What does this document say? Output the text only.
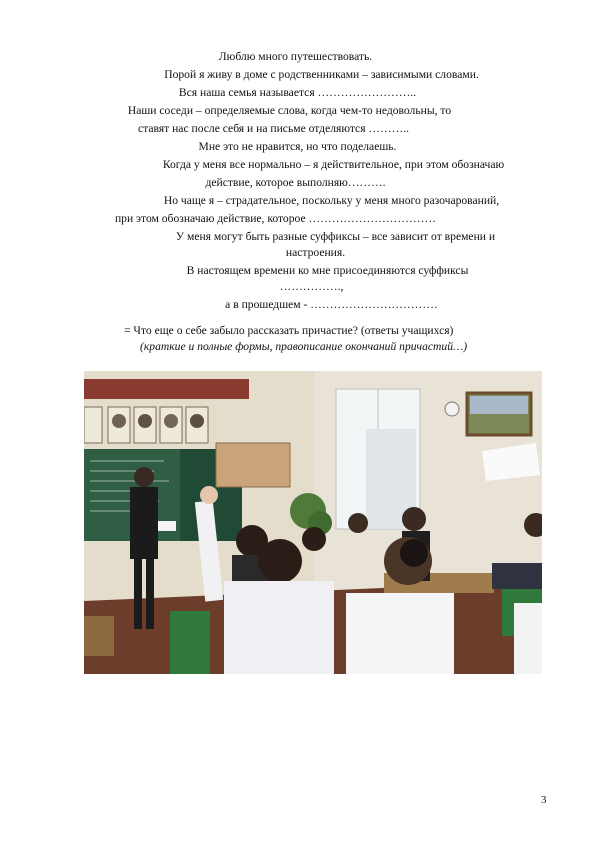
Люблю много путешествовать.
Порой я живу в доме с родственниками – зависимыми словами.
Вся наша семья называется ……………………..
Наши соседи – определяемые слова, когда чем-то недовольны, то
ставят нас после себя и на письме отделяются ………..
Мне это не нравится, но что поделаешь.
Когда у меня все нормально – я действительное, при этом обозначаю
действие, которое выполняю……….
Но чаще я – страдательное, поскольку у меня много разочарований,
при этом обозначаю действие, которое ……………………………
У меня могут быть разные суффиксы – все зависит от времени и
настроения.
В настоящем времени ко мне присоединяются суффиксы
…………….,
а в прошедшем - ……………………………
= Что еще о себе забыло рассказать причастие? (ответы учащихся)
(краткие и полные формы, правописание окончаний причастий…)
3
